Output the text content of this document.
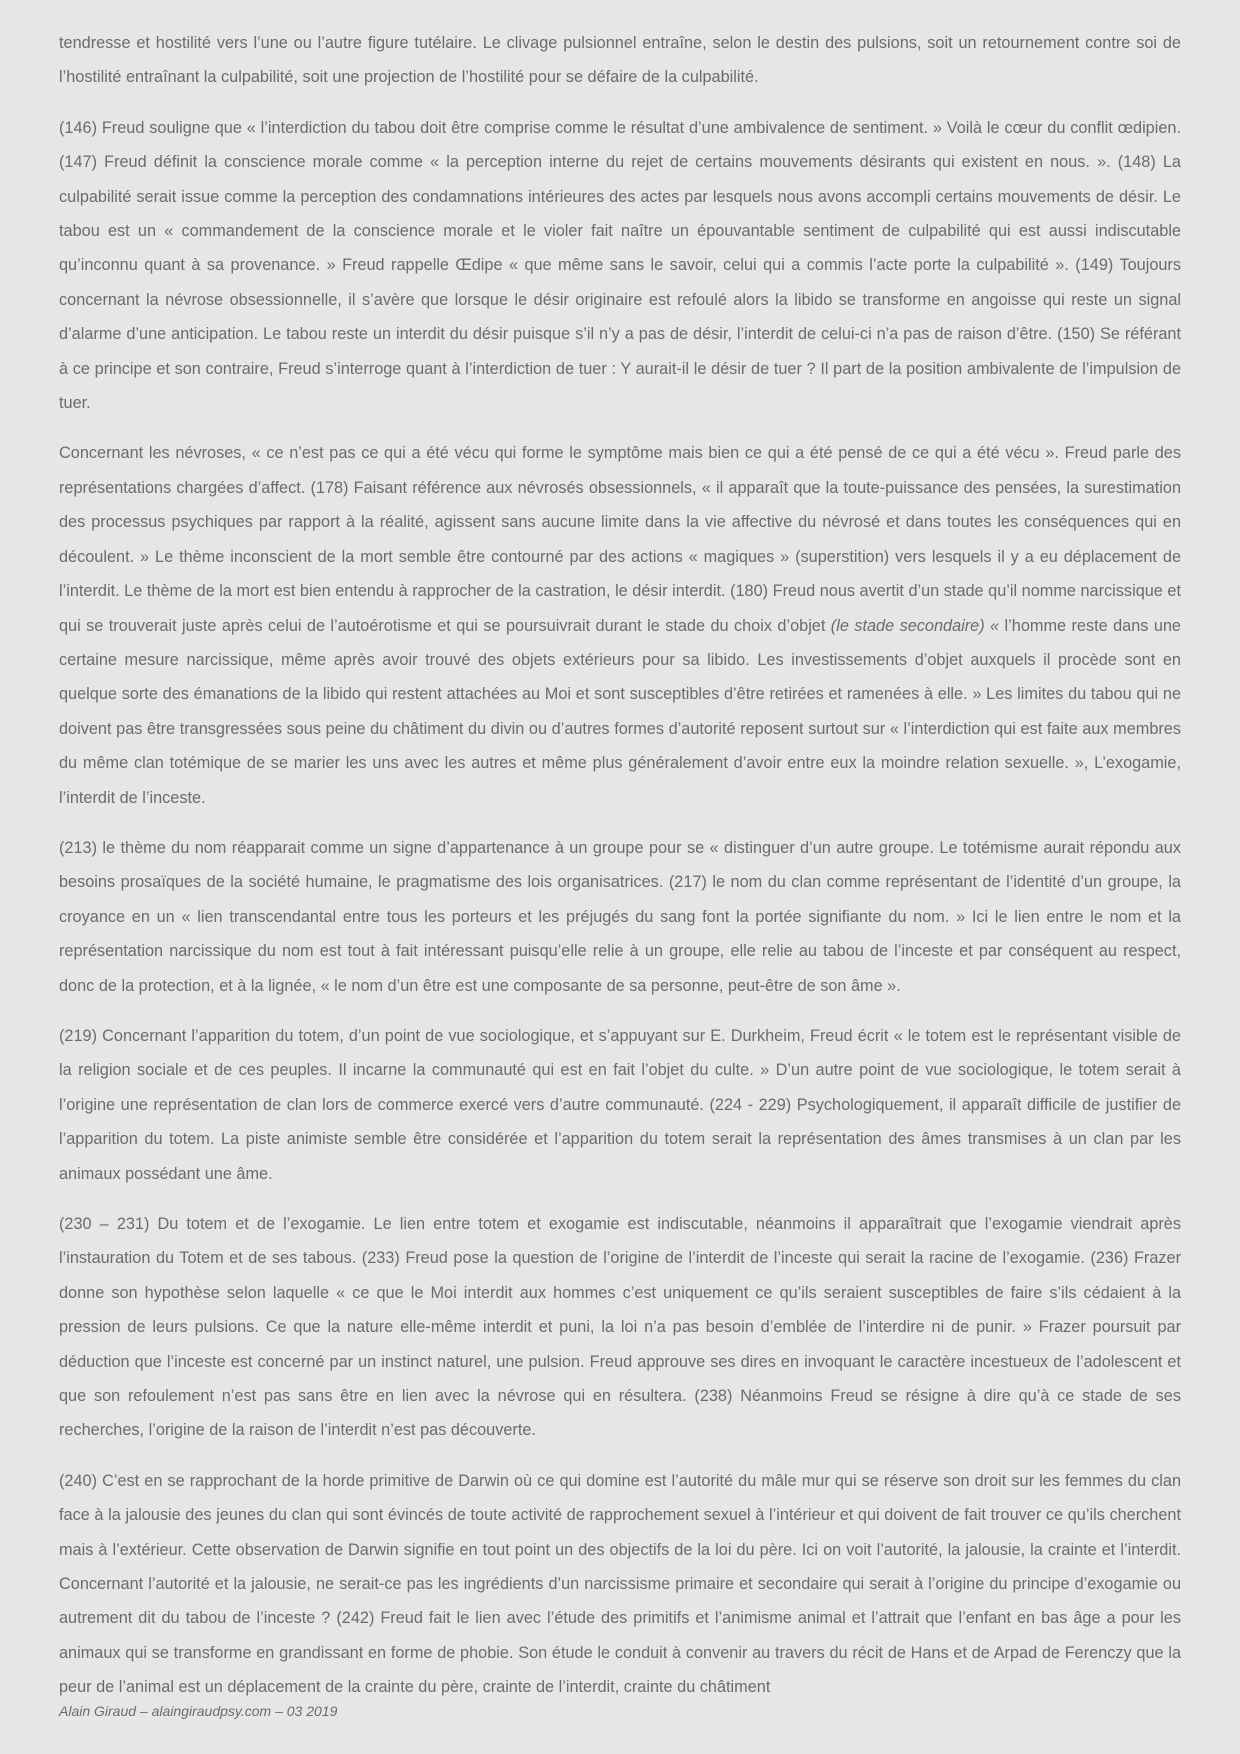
tendresse et hostilité vers l’une ou l’autre figure tutélaire. Le clivage pulsionnel entraîne, selon le destin des pulsions, soit un retournement contre soi de l’hostilité entraînant la culpabilité, soit une projection de l’hostilité pour se défaire de la culpabilité.

(146) Freud souligne que « l’interdiction du tabou doit être comprise comme le résultat d’une ambivalence de sentiment. » Voilà le cœur du conflit œdipien. (147) Freud définit la conscience morale comme « la perception interne du rejet de certains mouvements désirants qui existent en nous. ». (148) La culpabilité serait issue comme la perception des condamnations intérieures des actes par lesquels nous avons accompli certains mouvements de désir. Le tabou est un « commandement de la conscience morale et le violer fait naître un épouvantable sentiment de culpabilité qui est aussi indiscutable qu’inconnu quant à sa provenance. » Freud rappelle Œdipe « que même sans le savoir, celui qui a commis l’acte porte la culpabilité ». (149) Toujours concernant la névrose obsessionnelle, il s’avère que lorsque le désir originaire est refoulé alors la libido se transforme en angoisse qui reste un signal d’alarme d’une anticipation. Le tabou reste un interdit du désir puisque s’il n’y a pas de désir, l’interdit de celui-ci n’a pas de raison d’être. (150) Se référant à ce principe et son contraire, Freud s’interroge quant à l’interdiction de tuer : Y aurait-il le désir de tuer ? Il part de la position ambivalente de l’impulsion de tuer.

Concernant les névroses, « ce n’est pas ce qui a été vécu qui forme le symptôme mais bien ce qui a été pensé de ce qui a été vécu ». Freud parle des représentations chargées d’affect. (178) Faisant référence aux névrosés obsessionnels, « il apparaît que la toute-puissance des pensées, la surestimation des processus psychiques par rapport à la réalité, agissent sans aucune limite dans la vie affective du névrosé et dans toutes les conséquences qui en découlent. » Le thème inconscient de la mort semble être contourné par des actions « magiques » (superstition) vers lesquels il y a eu déplacement de l’interdit. Le thème de la mort est bien entendu à rapprocher de la castration, le désir interdit. (180) Freud nous avertit d’un stade qu’il nomme narcissique et qui se trouverait juste après celui de l’autoérotisme et qui se poursuivrait durant le stade du choix d’objet (le stade secondaire) « l’homme reste dans une certaine mesure narcissique, même après avoir trouvé des objets extérieurs pour sa libido. Les investissements d’objet auxquels il procède sont en quelque sorte des émanations de la libido qui restent attachées au Moi et sont susceptibles d’être retirées et ramenées à elle. » Les limites du tabou qui ne doivent pas être transgressées sous peine du châtiment du divin ou d’autres formes d’autorité reposent surtout sur « l’interdiction qui est faite aux membres du même clan totémique de se marier les uns avec les autres et même plus généralement d’avoir entre eux la moindre relation sexuelle. », L’exogamie, l’interdit de l’inceste.

(213) le thème du nom réapparait comme un signe d’appartenance à un groupe pour se « distinguer d’un autre groupe. Le totémisme aurait répondu aux besoins prosaïques de la société humaine, le pragmatisme des lois organisatrices. (217) le nom du clan comme représentant de l’identité d’un groupe, la croyance en un « lien transcendantal entre tous les porteurs et les préjugés du sang font la portée signifiante du nom. » Ici le lien entre le nom et la représentation narcissique du nom est tout à fait intéressant puisqu’elle relie à un groupe, elle relie au tabou de l’inceste et par conséquent au respect, donc de la protection, et à la lignée, « le nom d’un être est une composante de sa personne, peut-être de son âme ».

(219) Concernant l’apparition du totem, d’un point de vue sociologique, et s’appuyant sur E. Durkheim, Freud écrit « le totem est le représentant visible de la religion sociale et de ces peuples. Il incarne la communauté qui est en fait l’objet du culte. » D’un autre point de vue sociologique, le totem serait à l’origine une représentation de clan lors de commerce exercé vers d’autre communauté. (224 - 229) Psychologiquement, il apparaît difficile de justifier de l’apparition du totem. La piste animiste semble être considérée et l’apparition du totem serait la représentation des âmes transmises à un clan par les animaux possédant une âme.

(230 – 231) Du totem et de l’exogamie. Le lien entre totem et exogamie est indiscutable, néanmoins il apparaîtrait que l’exogamie viendrait après l’instauration du Totem et de ses tabous. (233) Freud pose la question de l’origine de l’interdit de l’inceste qui serait la racine de l’exogamie. (236) Frazer donne son hypothèse selon laquelle « ce que le Moi interdit aux hommes c’est uniquement ce qu’ils seraient susceptibles de faire s’ils cédaient à la pression de leurs pulsions. Ce que la nature elle-même interdit et puni, la loi n’a pas besoin d’emblée de l’interdire ni de punir. » Frazer poursuit par déduction que l’inceste est concerné par un instinct naturel, une pulsion. Freud approuve ses dires en invoquant le caractère incestueux de l’adolescent et que son refoulement n’est pas sans être en lien avec la névrose qui en résultera. (238) Néanmoins Freud se résigne à dire qu’à ce stade de ses recherches, l’origine de la raison de l’interdit n’est pas découverte.

(240) C’est en se rapprochant de la horde primitive de Darwin où ce qui domine est l’autorité du mâle mur qui se réserve son droit sur les femmes du clan face à la jalousie des jeunes du clan qui sont évincés de toute activité de rapprochement sexuel à l’intérieur et qui doivent de fait trouver ce qu’ils cherchent mais à l’extérieur. Cette observation de Darwin signifie en tout point un des objectifs de la loi du père. Ici on voit l’autorité, la jalousie, la crainte et l’interdit. Concernant l’autorité et la jalousie, ne serait-ce pas les ingrédients d’un narcissisme primaire et secondaire qui serait à l’origine du principe d’exogamie ou autrement dit du tabou de l’inceste ? (242) Freud fait le lien avec l’étude des primitifs et l’animisme animal et l’attrait que l’enfant en bas âge a pour les animaux qui se transforme en grandissant en forme de phobie. Son étude le conduit à convenir au travers du récit de Hans et de Arpad de Ferenczy que la peur de l’animal est un déplacement de la crainte du père, crainte de l’interdit, crainte du châtiment

Alain Giraud – alaingiraudpsy.com – 03 2019
